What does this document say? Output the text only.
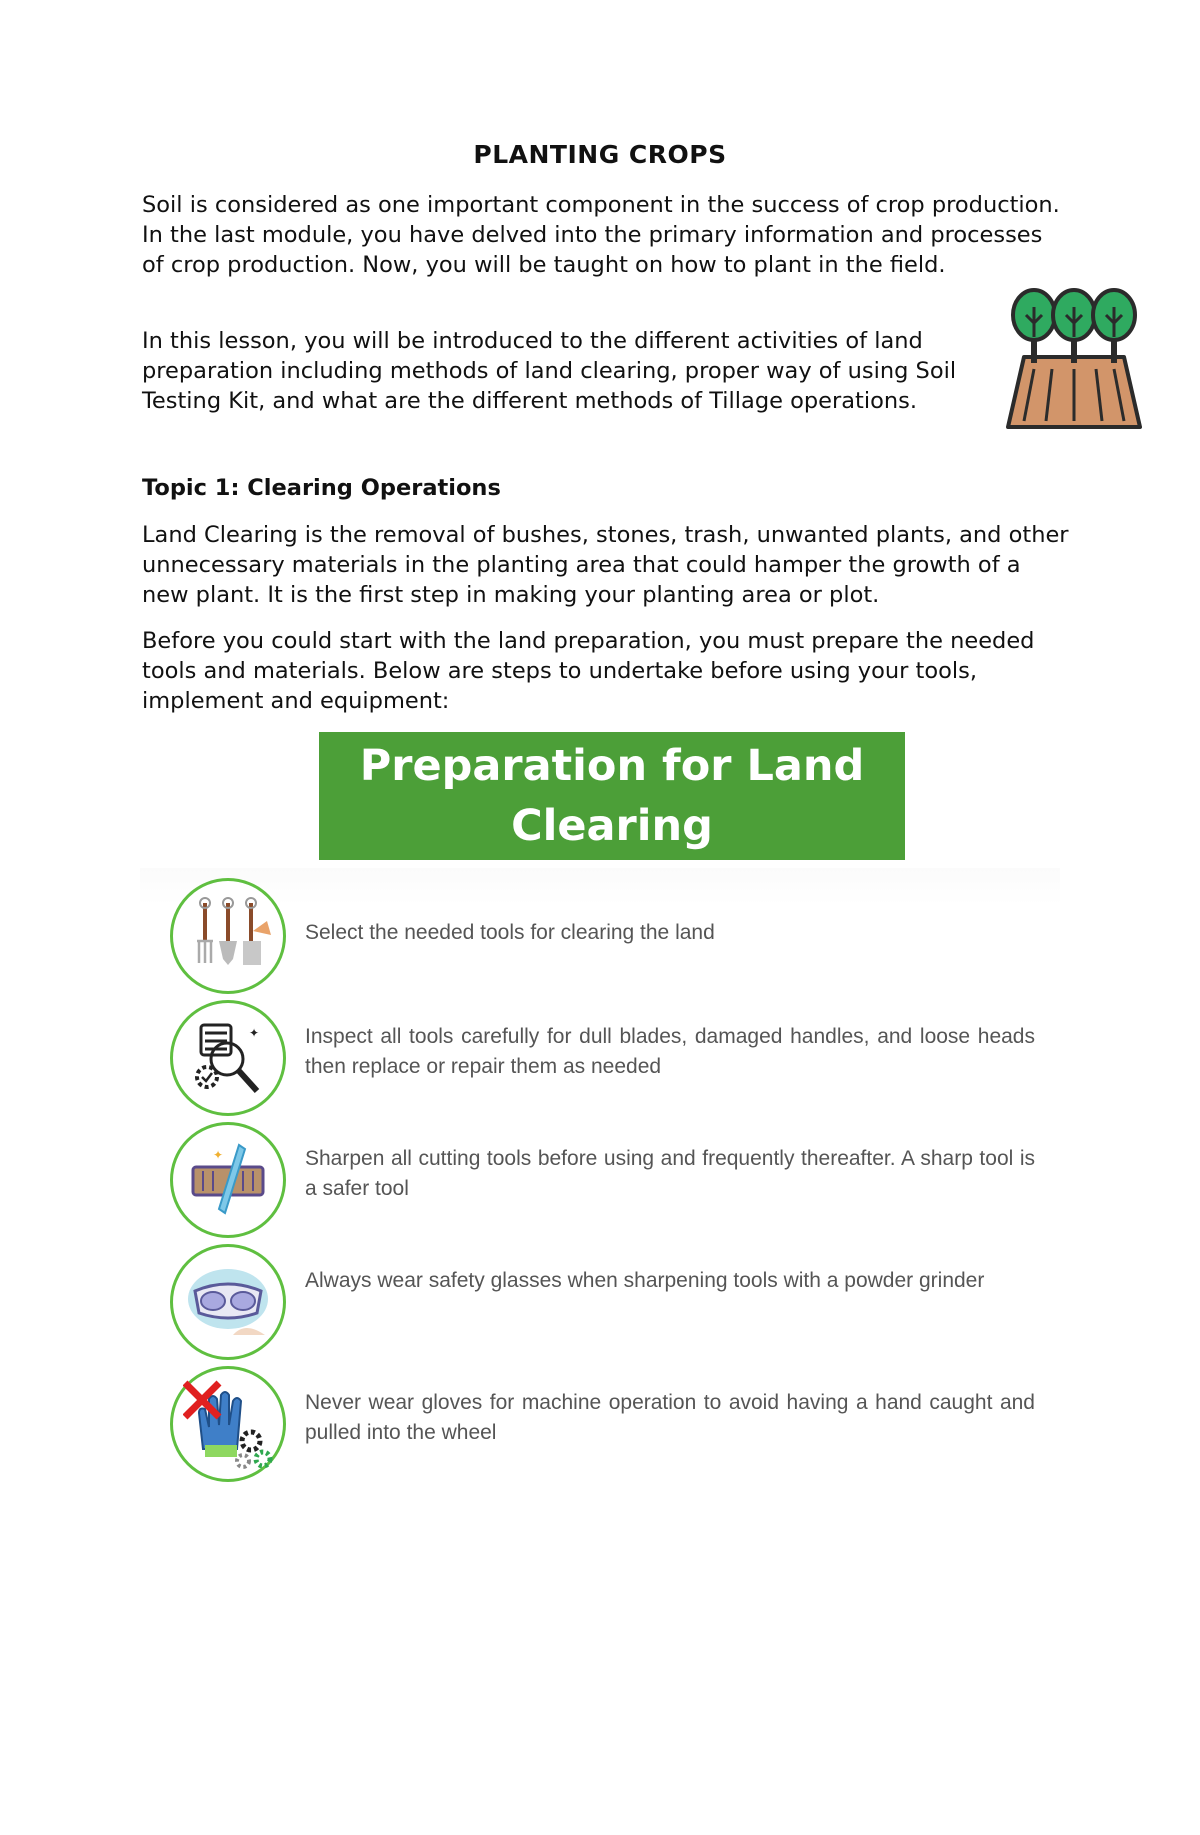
PLANTING CROPS

Soil is considered as one important component in the success of crop production. In the last module, you have delved into the primary information and processes of crop production. Now, you will be taught on how to plant in the field.

In this lesson, you will be introduced to the different activities of land preparation including methods of land clearing, proper way of using Soil Testing Kit, and what are the different methods of Tillage operations.

Topic 1: Clearing Operations

Land Clearing is the removal of bushes, stones, trash, unwanted plants, and other unnecessary materials in the planting area that could hamper the growth of a new plant. It is the first step in making your planting area or plot.

Before you could start with the land preparation, you must prepare the needed tools and materials. Below are steps to undertake before using your tools, implement and equipment:

Preparation for Land Clearing
Select the needed tools for clearing the land
✦ Inspect all tools carefully for dull blades, damaged handles, and loose heads then replace or repair them as needed
✦	Sharpen all cutting tools before using and frequently thereafter. A sharp tool is a safer tool
Always wear safety glasses when sharpening tools with a powder grinder
Never wear gloves for machine operation to avoid having a hand caught and pulled into the wheel
